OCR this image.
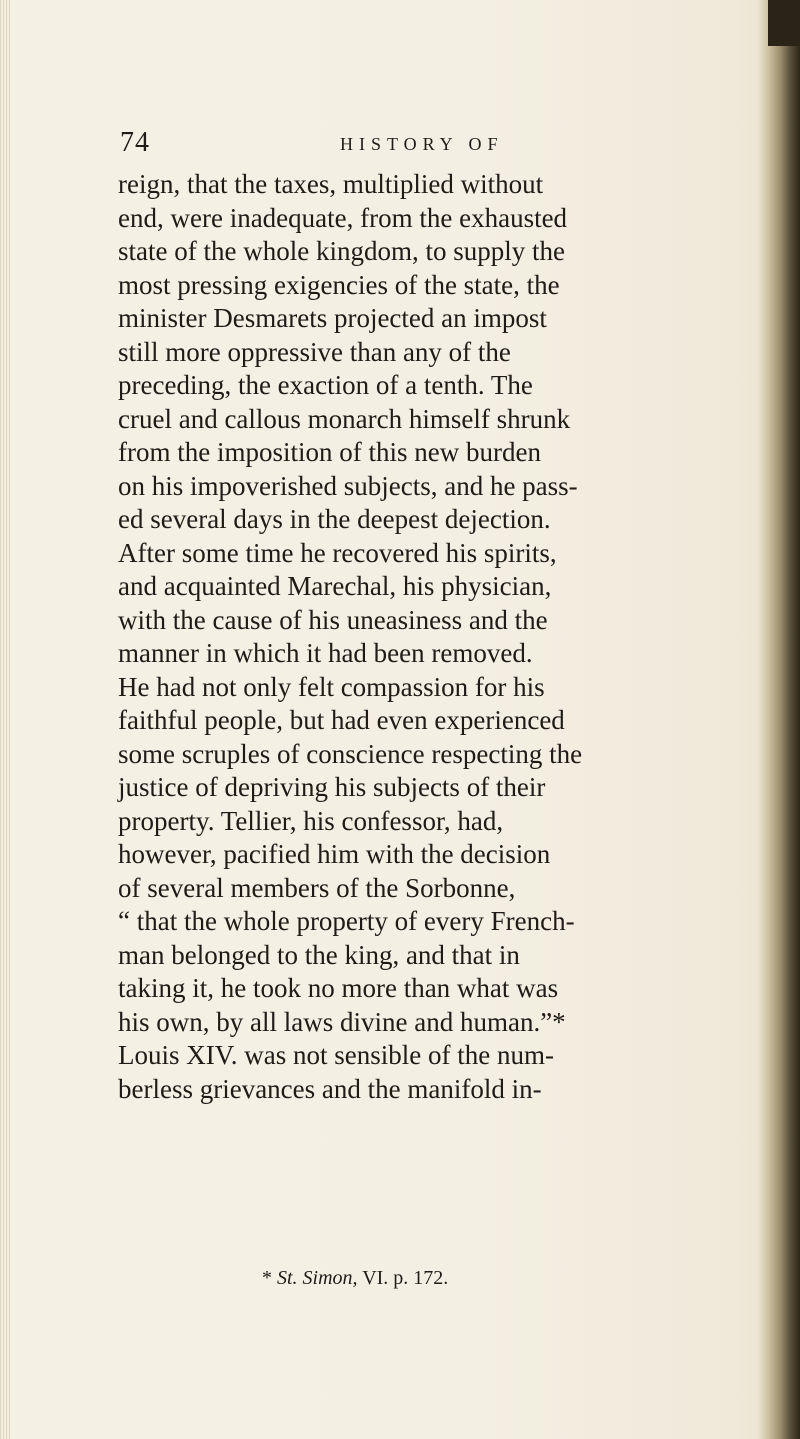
74	HISTORY OF
reign, that the taxes, multiplied without
end, were inadequate, from the exhausted
state of the whole kingdom, to supply the
most pressing exigencies of the state, the
minister Desmarets projected an impost
still more oppressive than any of the
preceding, the exaction of a tenth. The
cruel and callous monarch himself shrunk
from the imposition of this new burden
on his impoverished subjects, and he pass-
ed several days in the deepest dejection.
After some time he recovered his spirits,
and acquainted Marechal, his physician,
with the cause of his uneasiness and the
manner in which it had been removed.
He had not only felt compassion for his
faithful people, but had even experienced
some scruples of conscience respecting the
justice of depriving his subjects of their
property. Tellier, his confessor, had,
however, pacified him with the decision
of several members of the Sorbonne,
“ that the whole property of every French-
man belonged to the king, and that in
taking it, he took no more than what was
his own, by all laws divine and human.”*
Louis XIV. was not sensible of the num-
berless grievances and the manifold in-
* St. Simon, VI. p. 172.
